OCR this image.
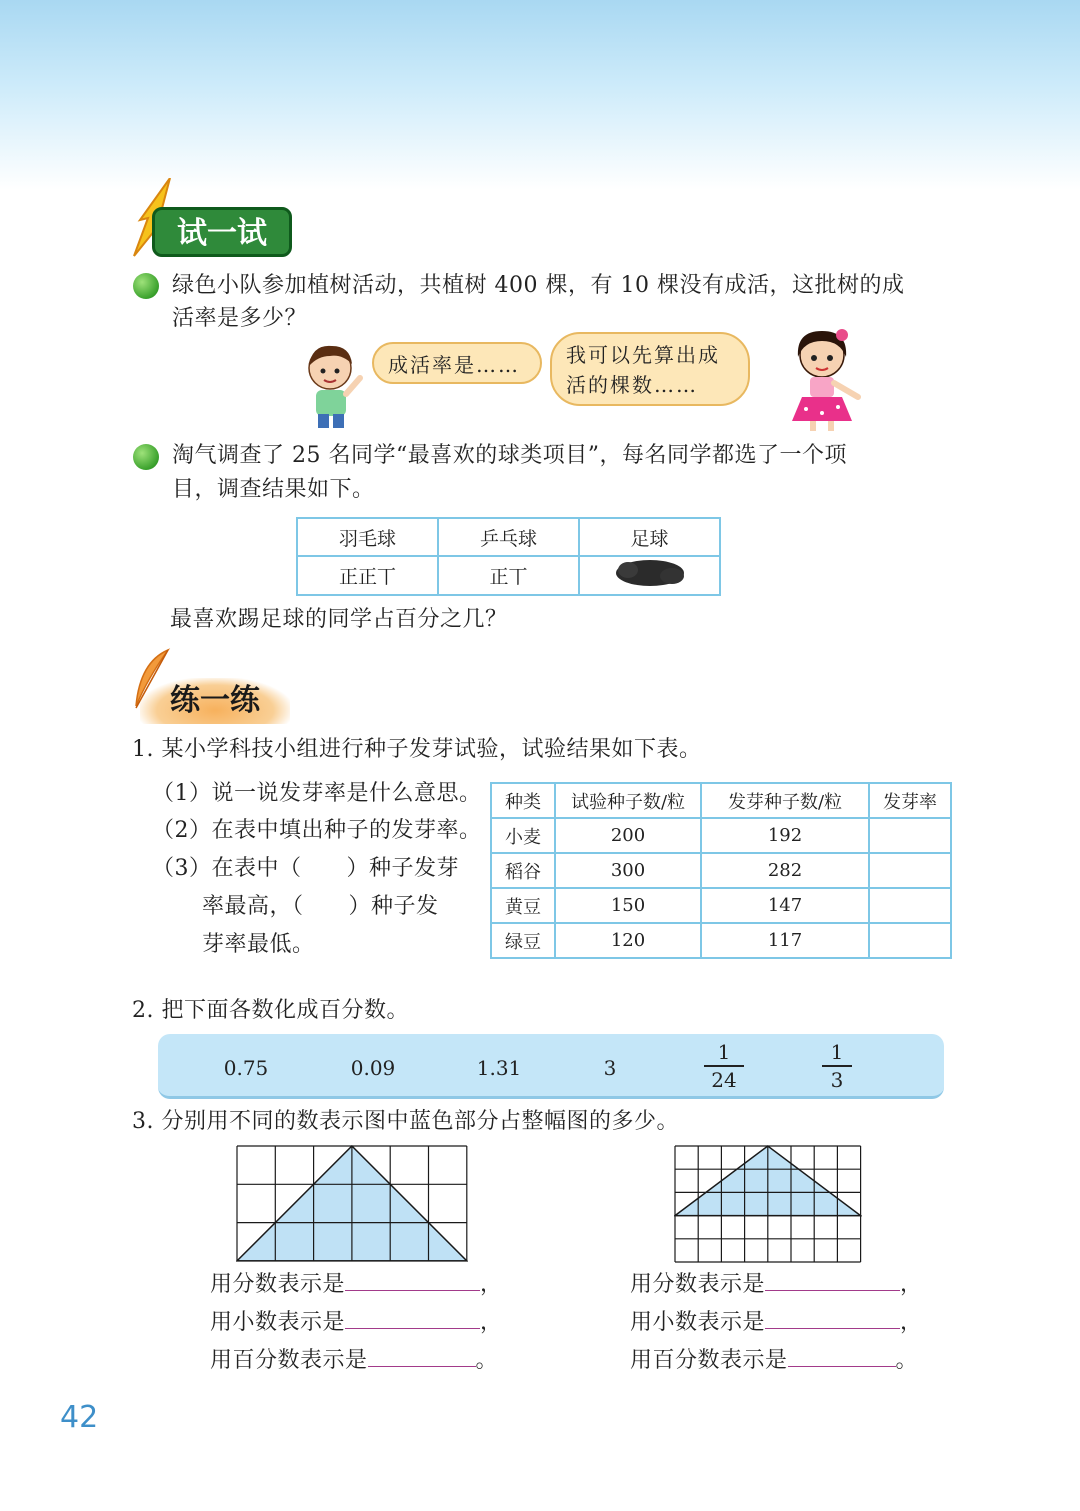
试一试
绿色小队参加植树活动，共植树 400 棵，有 10 棵没有成活，这批树的成
活率是多少？
成活率是……	我可以先算出成
活的棵数……
淘气调查了 25 名同学“最喜欢的球类项目”，每名同学都选了一个项
目，调查结果如下。
羽毛球	乒乓球	足球
正正丅	正丅	
最喜欢踢足球的同学占百分之几？
练一练
1. 某小学科技小组进行种子发芽试验，试验结果如下表。
（1）说一说发芽率是什么意思。
（2）在表中填出种子的发芽率。
（3）在表中（　　）种子发芽
率最高，（　　）种子发
芽率最低。
种类	试验种子数/粒	发芽种子数/粒	发芽率
小麦	200	192	
稻谷	300	282	
黄豆	150	147	
绿豆	120	117	
2. 把下面各数化成百分数。
0.75	0.09	1.31	3
1
24
1
3
3. 分别用不同的数表示图中蓝色部分占整幅图的多少。
用分数表示是	，
用小数表示是	，
用百分数表示是	。
用分数表示是	，
用小数表示是	，
用百分数表示是	。
42
